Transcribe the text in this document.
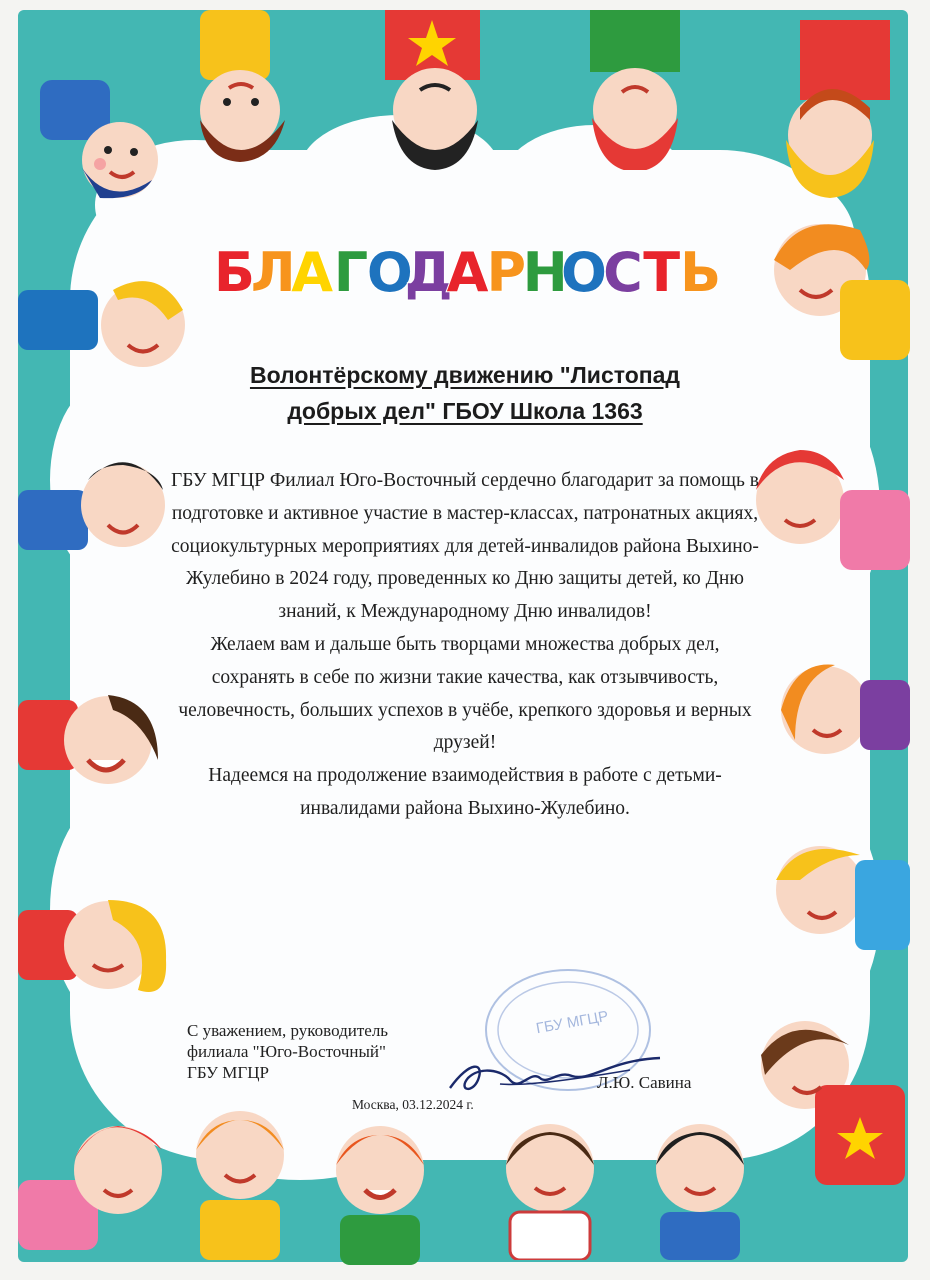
Б
Л
А Г
О
Д
А
Р
Н
О
С Т Ь
Волонтёрскому движению "Листопад
добрых дел" ГБОУ Школа 1363

ГБУ МГЦР Филиал Юго-Восточный сердечно благодарит за помощь в подготовке и активное участие в мастер-классах, патронатных акциях, социокультурных мероприятиях для детей-инвалидов района Выхино-Жулебино в 2024 году, проведенных ко Дню защиты детей, ко Дню знаний, к Международному Дню инвалидов!

Желаем вам и дальше быть творцами множества добрых дел, сохранять в себе по жизни такие качества, как отзывчивость, человечность, больших успехов в учёбе, крепкого здоровья и верных друзей!

Надеемся на продолжение взаимодействия в работе с детьми-инвалидами района Выхино-Жулебино.

ГБУ МГЦР
С уважением, руководитель
филиала "Юго-Восточный"
ГБУ МГЦР
Л.Ю. Савина
Москва, 03.12.2024 г.
